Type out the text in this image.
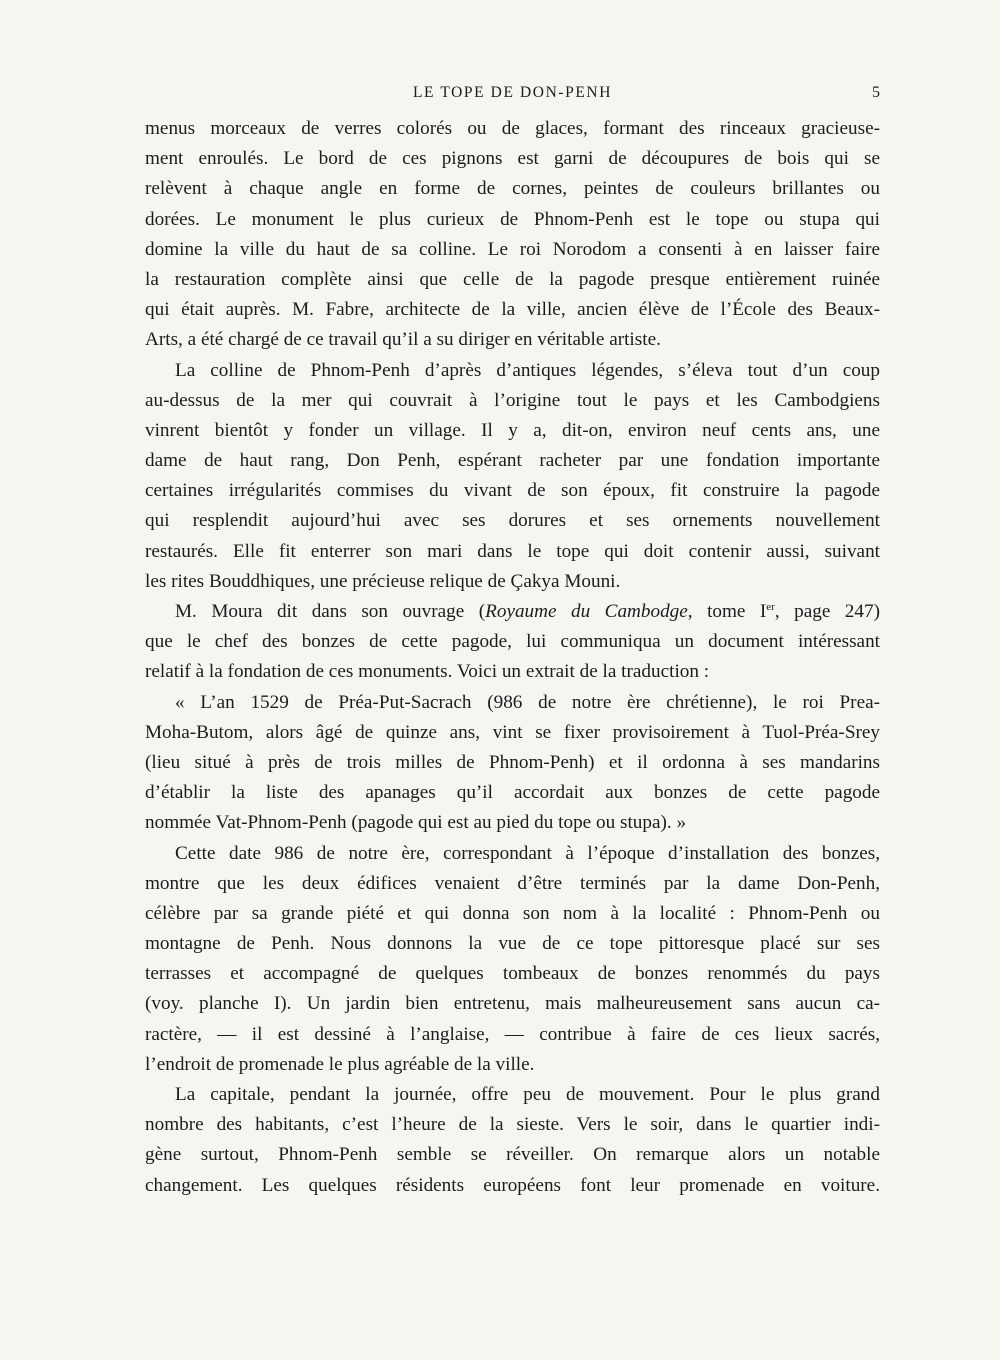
LE TOPE DE DON-PENH	5

menus morceaux de verres colorés ou de glaces, formant des rinceaux gracieuse-
ment enroulés. Le bord de ces pignons est garni de découpures de bois qui se
relèvent à chaque angle en forme de cornes, peintes de couleurs brillantes ou
dorées. Le monument le plus curieux de Phnom-Penh est le tope ou stupa qui
domine la ville du haut de sa colline. Le roi Norodom a consenti à en laisser faire
la restauration complète ainsi que celle de la pagode presque entièrement ruinée
qui était auprès. M. Fabre, architecte de la ville, ancien élève de l’École des Beaux-
Arts, a été chargé de ce travail qu’il a su diriger en véritable artiste.

La colline de Phnom-Penh d’après d’antiques légendes, s’éleva tout d’un coup
au-dessus de la mer qui couvrait à l’origine tout le pays et les Cambodgiens
vinrent bientôt y fonder un village. Il y a, dit-on, environ neuf cents ans, une
dame de haut rang, Don Penh, espérant racheter par une fondation importante
certaines irrégularités commises du vivant de son époux, fit construire la pagode
qui resplendit aujourd’hui avec ses dorures et ses ornements nouvellement
restaurés. Elle fit enterrer son mari dans le tope qui doit contenir aussi, suivant
les rites Bouddhiques, une précieuse relique de Çakya Mouni.

M. Moura dit dans son ouvrage (Royaume du Cambodge, tome Ier, page 247)
que le chef des bonzes de cette pagode, lui communiqua un document intéressant
relatif à la fondation de ces monuments. Voici un extrait de la traduction :

« L’an 1529 de Préa-Put-Sacrach (986 de notre ère chrétienne), le roi Prea-
Moha-Butom, alors âgé de quinze ans, vint se fixer provisoirement à Tuol-Préa-Srey
(lieu situé à près de trois milles de Phnom-Penh) et il ordonna à ses mandarins
d’établir la liste des apanages qu’il accordait aux bonzes de cette pagode
nommée Vat-Phnom-Penh (pagode qui est au pied du tope ou stupa). »

Cette date 986 de notre ère, correspondant à l’époque d’installation des bonzes,
montre que les deux édifices venaient d’être terminés par la dame Don-Penh,
célèbre par sa grande piété et qui donna son nom à la localité : Phnom-Penh ou
montagne de Penh. Nous donnons la vue de ce tope pittoresque placé sur ses
terrasses et accompagné de quelques tombeaux de bonzes renommés du pays
(voy. planche I). Un jardin bien entretenu, mais malheureusement sans aucun ca-
ractère, — il est dessiné à l’anglaise, — contribue à faire de ces lieux sacrés,
l’endroit de promenade le plus agréable de la ville.

La capitale, pendant la journée, offre peu de mouvement. Pour le plus grand
nombre des habitants, c’est l’heure de la sieste. Vers le soir, dans le quartier indi-
gène surtout, Phnom-Penh semble se réveiller. On remarque alors un notable
changement. Les quelques résidents européens font leur promenade en voiture.
